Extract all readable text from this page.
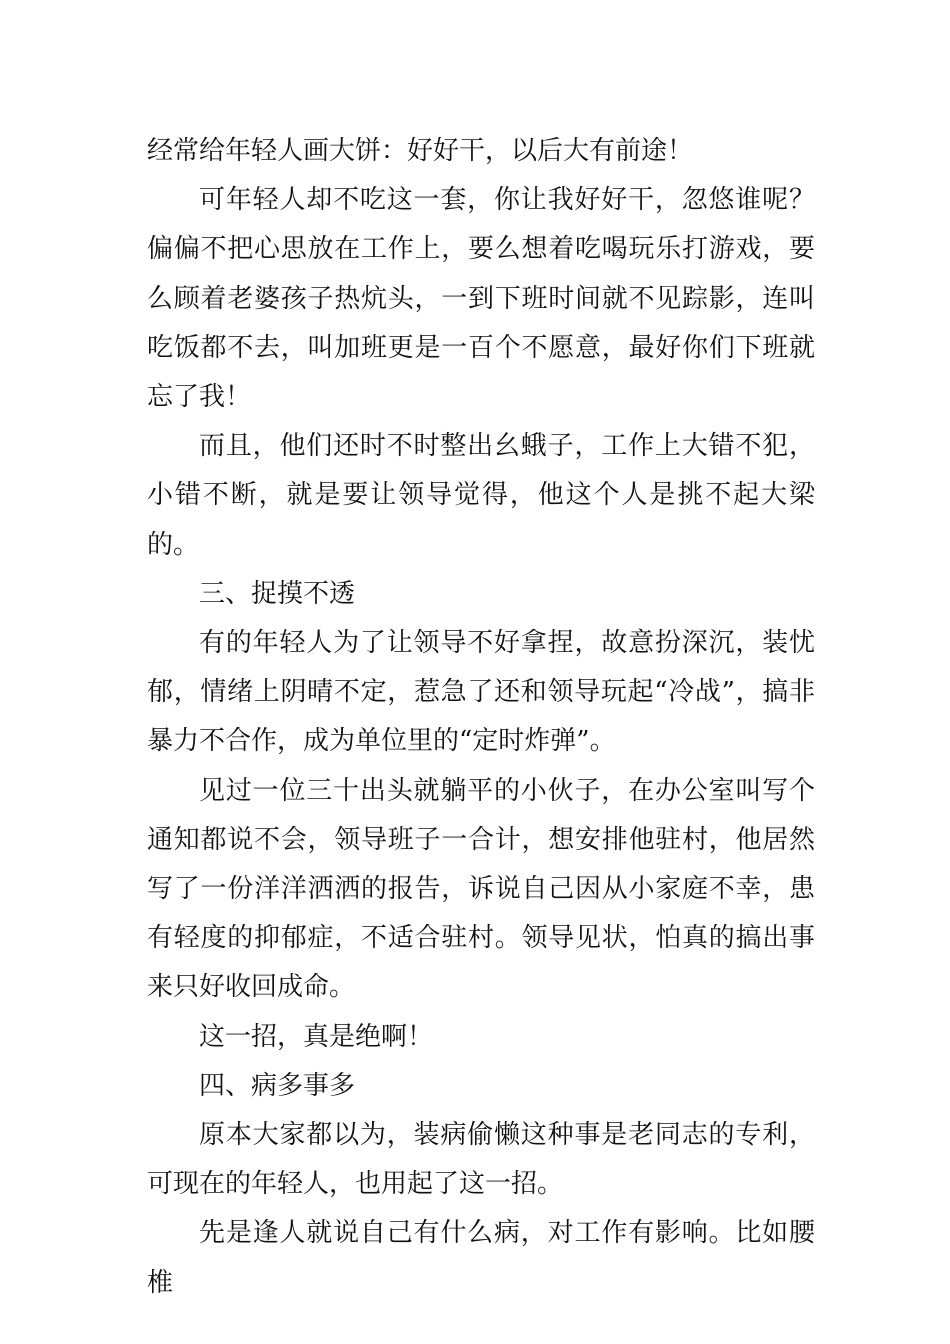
经常给年轻人画大饼：好好干，以后大有前途！

可年轻人却不吃这一套，你让我好好干，忽悠谁呢？偏偏不把心思放在工作上，要么想着吃喝玩乐打游戏，要么顾着老婆孩子热炕头，一到下班时间就不见踪影，连叫吃饭都不去，叫加班更是一百个不愿意，最好你们下班就忘了我！

而且，他们还时不时整出幺蛾子，工作上大错不犯，小错不断，就是要让领导觉得，他这个人是挑不起大梁的。

三、捉摸不透

有的年轻人为了让领导不好拿捏，故意扮深沉，装忧郁，情绪上阴晴不定，惹急了还和领导玩起“冷战”，搞非暴力不合作，成为单位里的“定时炸弹”。

见过一位三十出头就躺平的小伙子，在办公室叫写个通知都说不会，领导班子一合计，想安排他驻村，他居然写了一份洋洋洒洒的报告，诉说自己因从小家庭不幸，患有轻度的抑郁症，不适合驻村。领导见状，怕真的搞出事来只好收回成命。

这一招，真是绝啊！

四、病多事多

原本大家都以为，装病偷懒这种事是老同志的专利，可现在的年轻人，也用起了这一招。

先是逢人就说自己有什么病，对工作有影响。比如腰椎
